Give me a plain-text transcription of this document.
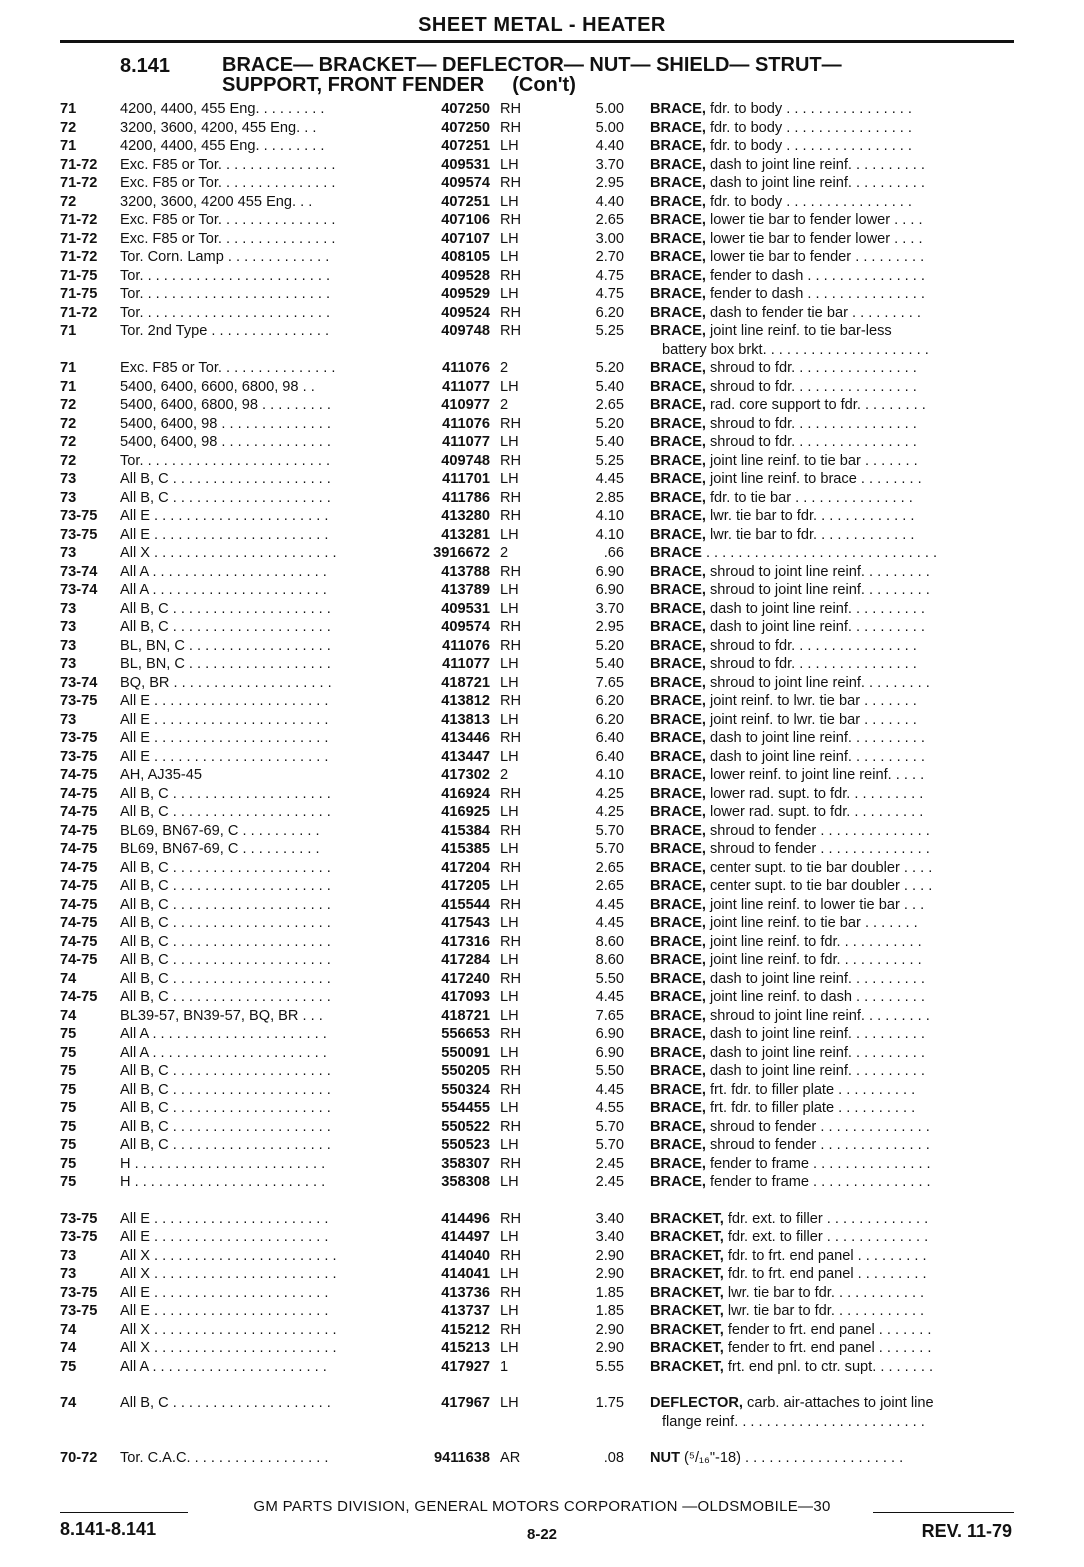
SHEET METAL - HEATER
8.141	BRACE— BRACKET— DEFLECTOR— NUT— SHIELD— STRUT—
SUPPORT, FRONT FENDER (Con't)
71	4200, 4400, 455 Eng. . . . . . . . .	407250 RH	5.00 BRACE, fdr. to body . . . . . . . . . . . . . . . .
72	3200, 3600, 4200, 455 Eng. . .	407250 RH	5.00 BRACE, fdr. to body . . . . . . . . . . . . . . . .
71	4200, 4400, 455 Eng. . . . . . . . .	407251 LH	4.40 BRACE, fdr. to body . . . . . . . . . . . . . . . .
71-72 Exc. F85 or Tor. . . . . . . . . . . . . . .	409531 LH	3.70 BRACE, dash to joint line reinf. . . . . . . . . .
71-72 Exc. F85 or Tor. . . . . . . . . . . . . . .	409574 RH	2.95 BRACE, dash to joint line reinf. . . . . . . . . .
72	3200, 3600, 4200 455 Eng. . .	407251 LH	4.40 BRACE, fdr. to body . . . . . . . . . . . . . . . .
71-72 Exc. F85 or Tor. . . . . . . . . . . . . . .	407106 RH	2.65 BRACE, lower tie bar to fender lower . . . .
71-72 Exc. F85 or Tor. . . . . . . . . . . . . . .	407107 LH	3.00 BRACE, lower tie bar to fender lower . . . .
71-72 Tor. Corn. Lamp . . . . . . . . . . . . .	408105 LH	2.70 BRACE, lower tie bar to fender . . . . . . . . .
71-75 Tor. . . . . . . . . . . . . . . . . . . . . . . .	409528 RH	4.75 BRACE, fender to dash . . . . . . . . . . . . . . .
71-75 Tor. . . . . . . . . . . . . . . . . . . . . . . .	409529 LH	4.75 BRACE, fender to dash . . . . . . . . . . . . . . .
71-72 Tor. . . . . . . . . . . . . . . . . . . . . . . .	409524 RH	6.20 BRACE, dash to fender tie bar . . . . . . . . .
71	Tor. 2nd Type . . . . . . . . . . . . . . .	409748 RH	5.25 BRACE, joint line reinf. to tie bar-less
battery box brkt. . . . . . . . . . . . . . . . . . . . .
71	Exc. F85 or Tor. . . . . . . . . . . . . . .	411076 2	5.20 BRACE, shroud to fdr. . . . . . . . . . . . . . . .
71	5400, 6400, 6600, 6800, 98 . .	411077 LH	5.40 BRACE, shroud to fdr. . . . . . . . . . . . . . . .
72	5400, 6400, 6800, 98 . . . . . . . . .	410977 2	2.65 BRACE, rad. core support to fdr. . . . . . . . .
72	5400, 6400, 98 . . . . . . . . . . . . . .	411076 RH	5.20 BRACE, shroud to fdr. . . . . . . . . . . . . . . .
72	5400, 6400, 98 . . . . . . . . . . . . . .	411077 LH	5.40 BRACE, shroud to fdr. . . . . . . . . . . . . . . .
72	Tor. . . . . . . . . . . . . . . . . . . . . . . .	409748 RH	5.25 BRACE, joint line reinf. to tie bar . . . . . . .
73	All B, C . . . . . . . . . . . . . . . . . . . .	411701 LH	4.45 BRACE, joint line reinf. to brace . . . . . . . .
73	All B, C . . . . . . . . . . . . . . . . . . . .	411786 RH	2.85 BRACE, fdr. to tie bar . . . . . . . . . . . . . . .
73-75 All E . . . . . . . . . . . . . . . . . . . . . .	413280 RH	4.10 BRACE, lwr. tie bar to fdr. . . . . . . . . . . . .
73-75 All E . . . . . . . . . . . . . . . . . . . . . .	413281 LH	4.10 BRACE, lwr. tie bar to fdr. . . . . . . . . . . . .
73	All X . . . . . . . . . . . . . . . . . . . . . . .	3916672 2	.66 BRACE . . . . . . . . . . . . . . . . . . . . . . . . . . . . .
73-74 All A . . . . . . . . . . . . . . . . . . . . . .	413788 RH	6.90 BRACE, shroud to joint line reinf. . . . . . . . .
73-74 All A . . . . . . . . . . . . . . . . . . . . . .	413789 LH	6.90 BRACE, shroud to joint line reinf. . . . . . . . .
73	All B, C . . . . . . . . . . . . . . . . . . . .	409531 LH	3.70 BRACE, dash to joint line reinf. . . . . . . . . .
73	All B, C . . . . . . . . . . . . . . . . . . . .	409574 RH	2.95 BRACE, dash to joint line reinf. . . . . . . . . .
73	BL, BN, C . . . . . . . . . . . . . . . . . .	411076 RH	5.20 BRACE, shroud to fdr. . . . . . . . . . . . . . . .
73	BL, BN, C . . . . . . . . . . . . . . . . . .	411077 LH	5.40 BRACE, shroud to fdr. . . . . . . . . . . . . . . .
73-74 BQ, BR . . . . . . . . . . . . . . . . . . . .	418721 LH	7.65 BRACE, shroud to joint line reinf. . . . . . . . .
73-75 All E . . . . . . . . . . . . . . . . . . . . . .	413812 RH	6.20 BRACE, joint reinf. to lwr. tie bar . . . . . . .
73	All E . . . . . . . . . . . . . . . . . . . . . .	413813 LH	6.20 BRACE, joint reinf. to lwr. tie bar . . . . . . .
73-75 All E . . . . . . . . . . . . . . . . . . . . . .	413446 RH	6.40 BRACE, dash to joint line reinf. . . . . . . . . .
73-75 All E . . . . . . . . . . . . . . . . . . . . . .	413447 LH	6.40 BRACE, dash to joint line reinf. . . . . . . . . .
74-75 AH, AJ35-45	417302 2	4.10 BRACE, lower reinf. to joint line reinf. . . . .
74-75 All B, C . . . . . . . . . . . . . . . . . . . .	416924 RH	4.25 BRACE, lower rad. supt. to fdr. . . . . . . . . .
74-75 All B, C . . . . . . . . . . . . . . . . . . . .	416925 LH	4.25 BRACE, lower rad. supt. to fdr. . . . . . . . . .
74-75 BL69, BN67-69, C . . . . . . . . . .	415384 RH	5.70 BRACE, shroud to fender . . . . . . . . . . . . . .
74-75 BL69, BN67-69, C . . . . . . . . . .	415385 LH	5.70 BRACE, shroud to fender . . . . . . . . . . . . . .
74-75 All B, C . . . . . . . . . . . . . . . . . . . .	417204 RH	2.65 BRACE, center supt. to tie bar doubler . . . .
74-75 All B, C . . . . . . . . . . . . . . . . . . . .	417205 LH	2.65 BRACE, center supt. to tie bar doubler . . . .
74-75 All B, C . . . . . . . . . . . . . . . . . . . .	415544 RH	4.45 BRACE, joint line reinf. to lower tie bar . . .
74-75 All B, C . . . . . . . . . . . . . . . . . . . .	417543 LH	4.45 BRACE, joint line reinf. to tie bar . . . . . . .
74-75 All B, C . . . . . . . . . . . . . . . . . . . .	417316 RH	8.60 BRACE, joint line reinf. to fdr. . . . . . . . . . .
74-75 All B, C . . . . . . . . . . . . . . . . . . . .	417284 LH	8.60 BRACE, joint line reinf. to fdr. . . . . . . . . . .
74	All B, C . . . . . . . . . . . . . . . . . . . .	417240 RH	5.50 BRACE, dash to joint line reinf. . . . . . . . . .
74-75 All B, C . . . . . . . . . . . . . . . . . . . .	417093 LH	4.45 BRACE, joint line reinf. to dash . . . . . . . . .
74	BL39-57, BN39-57, BQ, BR . . .	418721 LH	7.65 BRACE, shroud to joint line reinf. . . . . . . . .
75	All A . . . . . . . . . . . . . . . . . . . . . .	556653 RH	6.90 BRACE, dash to joint line reinf. . . . . . . . . .
75	All A . . . . . . . . . . . . . . . . . . . . . .	550091 LH	6.90 BRACE, dash to joint line reinf. . . . . . . . . .
75	All B, C . . . . . . . . . . . . . . . . . . . .	550205 RH	5.50 BRACE, dash to joint line reinf. . . . . . . . . .
75	All B, C . . . . . . . . . . . . . . . . . . . .	550324 RH	4.45 BRACE, frt. fdr. to filler plate . . . . . . . . . .
75	All B, C . . . . . . . . . . . . . . . . . . . .	554455 LH	4.55 BRACE, frt. fdr. to filler plate . . . . . . . . . .
75	All B, C . . . . . . . . . . . . . . . . . . . .	550522 RH	5.70 BRACE, shroud to fender . . . . . . . . . . . . . .
75	All B, C . . . . . . . . . . . . . . . . . . . .	550523 LH	5.70 BRACE, shroud to fender . . . . . . . . . . . . . .
75	H . . . . . . . . . . . . . . . . . . . . . . . .	358307 RH	2.45 BRACE, fender to frame . . . . . . . . . . . . . . .
75	H . . . . . . . . . . . . . . . . . . . . . . . .	358308 LH	2.45 BRACE, fender to frame . . . . . . . . . . . . . . .
73-75 All E . . . . . . . . . . . . . . . . . . . . . .	414496 RH	3.40 BRACKET, fdr. ext. to filler . . . . . . . . . . . . .
73-75 All E . . . . . . . . . . . . . . . . . . . . . .	414497 LH	3.40 BRACKET, fdr. ext. to filler . . . . . . . . . . . . .
73	All X . . . . . . . . . . . . . . . . . . . . . . .	414040 RH	2.90 BRACKET, fdr. to frt. end panel . . . . . . . . .
73	All X . . . . . . . . . . . . . . . . . . . . . . .	414041 LH	2.90 BRACKET, fdr. to frt. end panel . . . . . . . . .
73-75 All E . . . . . . . . . . . . . . . . . . . . . .	413736 RH	1.85 BRACKET, lwr. tie bar to fdr. . . . . . . . . . . .
73-75 All E . . . . . . . . . . . . . . . . . . . . . .	413737 LH	1.85 BRACKET, lwr. tie bar to fdr. . . . . . . . . . . .
74	All X . . . . . . . . . . . . . . . . . . . . . . .	415212 RH	2.90 BRACKET, fender to frt. end panel . . . . . . .
74	All X . . . . . . . . . . . . . . . . . . . . . . .	415213 LH	2.90 BRACKET, fender to frt. end panel . . . . . . .
75	All A . . . . . . . . . . . . . . . . . . . . . .	417927 1	5.55 BRACKET, frt. end pnl. to ctr. supt. . . . . . . .
74	All B, C . . . . . . . . . . . . . . . . . . . .	417967 LH	1.75 DEFLECTOR, carb. air-attaches to joint line
flange reinf. . . . . . . . . . . . . . . . . . . . . . . .
70-72 Tor. C.A.C. . . . . . . . . . . . . . . . . .	9411638 AR	.08 NUT (⁵/₁₆"-18) . . . . . . . . . . . . . . . . . . . .
GM PARTS DIVISION, GENERAL MOTORS CORPORATION —OLDSMOBILE—30
8.141-8.141	8-22	REV. 11-79
